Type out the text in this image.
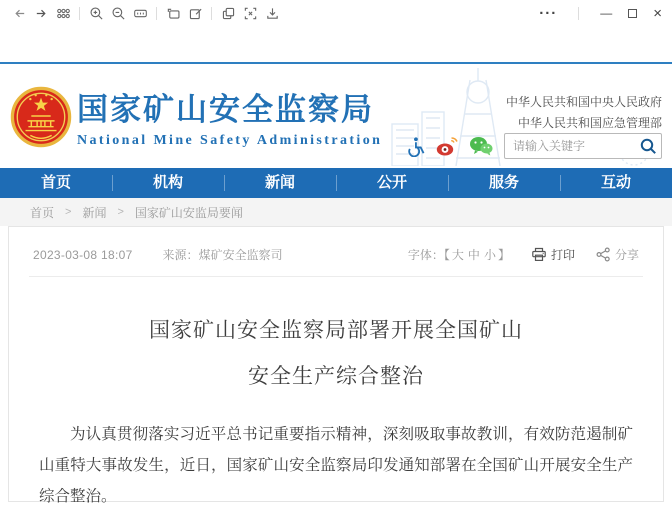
···	—	×
国家矿山安全监察局
National Mine Safety Administration
中华人民共和国中央人民政府
中华人民共和国应急管理部
请输入关键字
首页	机构	新闻	公开	服务	互动
首页 > 新闻 > 国家矿山安监局要闻
2023-03-08 18:07	来源：煤矿安全监察司	字体：【 大 中 小 】	打印	分享
国家矿山安全监察局部署开展全国矿山
安全生产综合整治

为认真贯彻落实习近平总书记重要指示精神，深刻吸取事故教训，有效防范遏制矿山重特大事故发生，近日，国家矿山安全监察局印发通知部署在全国矿山开展安全生产综合整治。
